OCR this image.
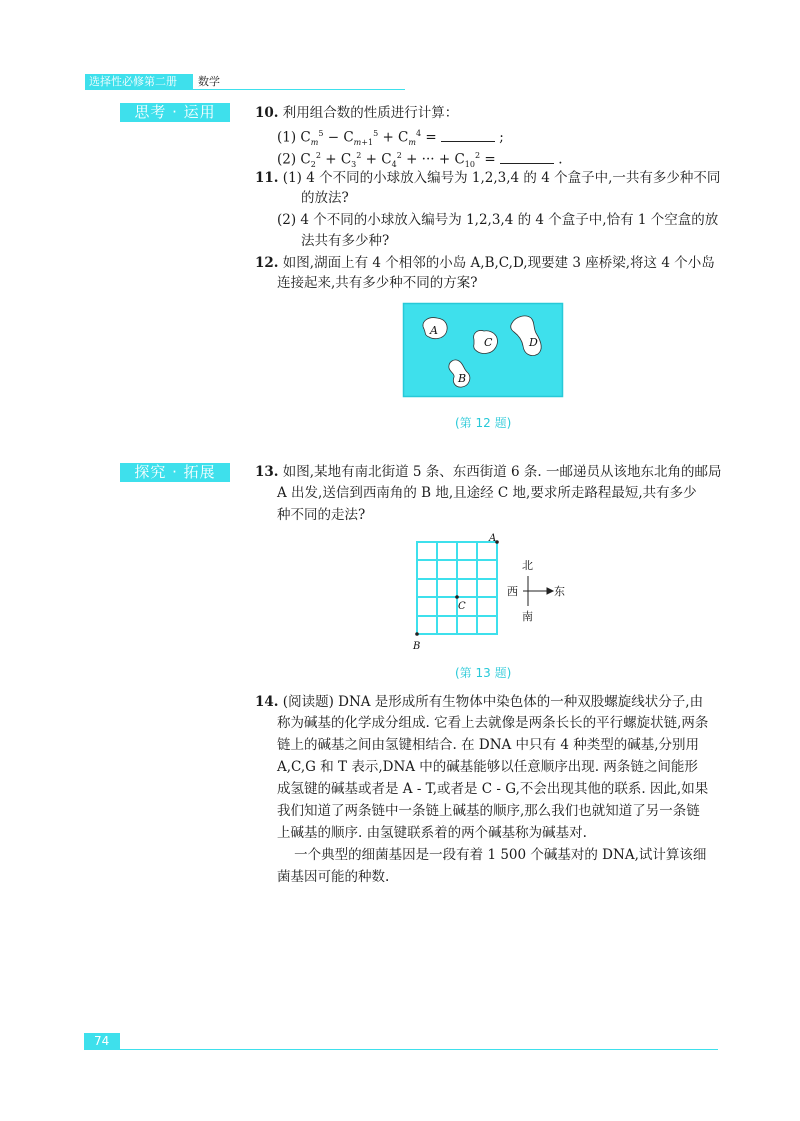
选择性必修第二册	数学
思考 · 运用	10. 利用组合数的性质进行计算：
(1) $C_m^5 - C_{m+1}^5 + C_m^4$ =	;
(2) $C_2^2 + C_3^2 + C_4^2$ + ··· + $C_{10}^2$ =	.
11. (1) 4 个不同的小球放入编号为 1,2,3,4 的 4 个盒子中,一共有多少种不同
的放法?
(2) 4 个不同的小球放入编号为 1,2,3,4 的 4 个盒子中,恰有 1 个空盒的放
法共有多少种?
12. 如图,湖面上有 4 个相邻的小岛 A,B,C,D,现要建 3 座桥梁,将这 4 个小岛
连接起来,共有多少种不同的方案?
A
B
C	D
(第 12 题)
探究 · 拓展	13. 如图,某地有南北街道 5 条、东西街道 6 条. 一邮递员从该地东北角的邮局
A 出发,送信到西南角的 B 地,且途经 C 地,要求所走路程最短,共有多少
种不同的走法?
A
B
C
北
南
西	东
(第 13 题)
14. (阅读题) DNA 是形成所有生物体中染色体的一种双股螺旋线状分子,由
称为碱基的化学成分组成. 它看上去就像是两条长长的平行螺旋状链,两条
链上的碱基之间由氢键相结合. 在 DNA 中只有 4 种类型的碱基,分别用
A,C,G 和 T 表示,DNA 中的碱基能够以任意顺序出现. 两条链之间能形
成氢键的碱基或者是 A - T,或者是 C - G,不会出现其他的联系. 因此,如果
我们知道了两条链中一条链上碱基的顺序,那么我们也就知道了另一条链
上碱基的顺序. 由氢键联系着的两个碱基称为碱基对.
一个典型的细菌基因是一段有着 1 500 个碱基对的 DNA,试计算该细
菌基因可能的种数.
74
